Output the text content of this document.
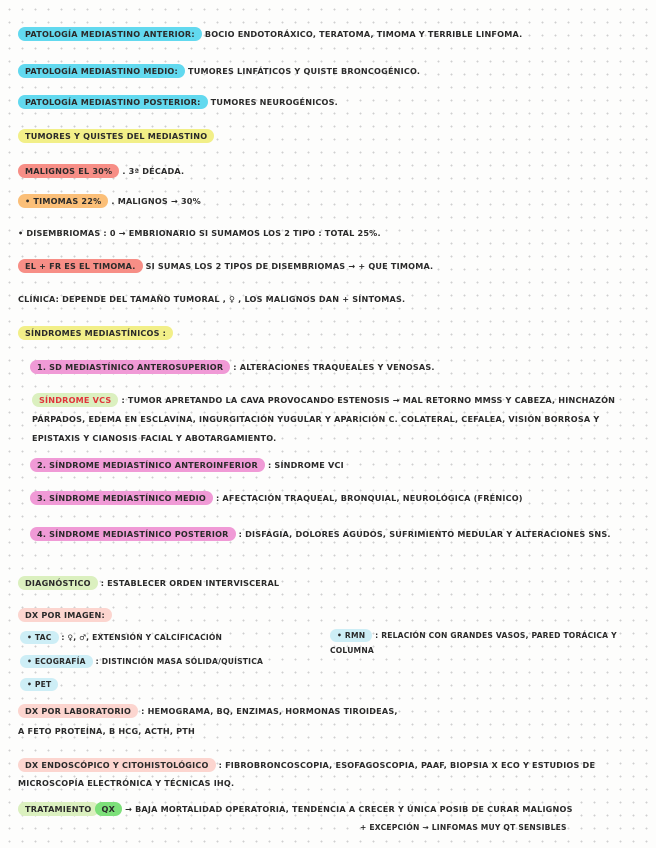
PATOLOGÍA MEDIASTINO ANTERIOR: BOCIO ENDOTORÁXICO, TERATOMA, TIMOMA Y TERRIBLE LINFOMA.
PATOLOGÍA MEDIASTINO MEDIO: TUMORES LINFÁTICOS Y QUISTE BRONCOGÉNICO.
PATOLOGÍA MEDIASTINO POSTERIOR: TUMORES NEUROGÉNICOS.
TUMORES Y QUISTES DEL MEDIASTINO
MALIGNOS EL 30% . 3ª DÉCADA.
• TIMOMAS 22% . MALIGNOS → 30%
• DISEMBRIOMAS : 0 → EMBRIONARIO SI SUMAMOS LOS 2 TIPO : TOTAL 25%.
EL + FR ES EL TIMOMA. SI SUMAS LOS 2 TIPOS DE DISEMBRIOMAS → + QUE TIMOMA.
CLÍNICA: DEPENDE DEL TAMAÑO TUMORAL , ♀ , LOS MALIGNOS DAN + SÍNTOMAS.
SÍNDROMES MEDIASTÍNICOS :
1. SD MEDIASTÍNICO ANTEROSUPERIOR : ALTERACIONES TRAQUEALES Y VENOSAS.
SÍNDROME VCS : TUMOR APRETANDO LA CAVA PROVOCANDO ESTENOSIS → MAL RETORNO MMSS Y CABEZA, HINCHAZÓN PÁRPADOS, EDEMA EN ESCLAVINA, INGURGITACIÓN YUGULAR Y APARICIÓN C. COLATERAL, CEFALEA, VISIÓN BORROSA Y EPISTAXIS Y CIANOSIS FACIAL Y ABOTARGAMIENTO.
2. SÍNDROME MEDIASTÍNICO ANTEROINFERIOR : SÍNDROME VCI
3. SÍNDROME MEDIASTÍNICO MEDIO : AFECTACIÓN TRAQUEAL, BRONQUIAL, NEUROLÓGICA (FRÉNICO)
4. SÍNDROME MEDIASTÍNICO POSTERIOR : DISFAGIA, DOLORES AGUDOS, SUFRIMIENTO MEDULAR Y ALTERACIONES SNS.
DIAGNÓSTICO : ESTABLECER ORDEN INTERVISCERAL
DX POR IMAGEN:
• TAC : ♀, ♂, EXTENSIÓN Y CALCIFICACIÓN	• RMN : RELACIÓN CON GRANDES VASOS, PARED TORÁCICA Y COLUMNA
• ECOGRAFÍA : DISTINCIÓN MASA SÓLIDA/QUÍSTICA
• PET
DX POR LABORATORIO : HEMOGRAMA, BQ, ENZIMAS, HORMONAS TIROIDEAS,
Α FETO PROTEÍNA, Β HCG, ACTH, PTH
DX ENDOSCÓPICO Y CITOHISTOLÓGICO : FIBROBRONCOSCOPIA, ESOFAGOSCOPIA, PAAF, BIOPSIA X ECO Y ESTUDIOS DE MICROSCOPÍA ELECTRÓNICA Y TÉCNICAS IHQ.
TRATAMIENTO QX → BAJA MORTALIDAD OPERATORIA, TENDENCIA A CRECER Y ÚNICA POSIB DE CURAR MALIGNOS
+ EXCEPCIÓN → LINFOMAS MUY QT SENSIBLES
